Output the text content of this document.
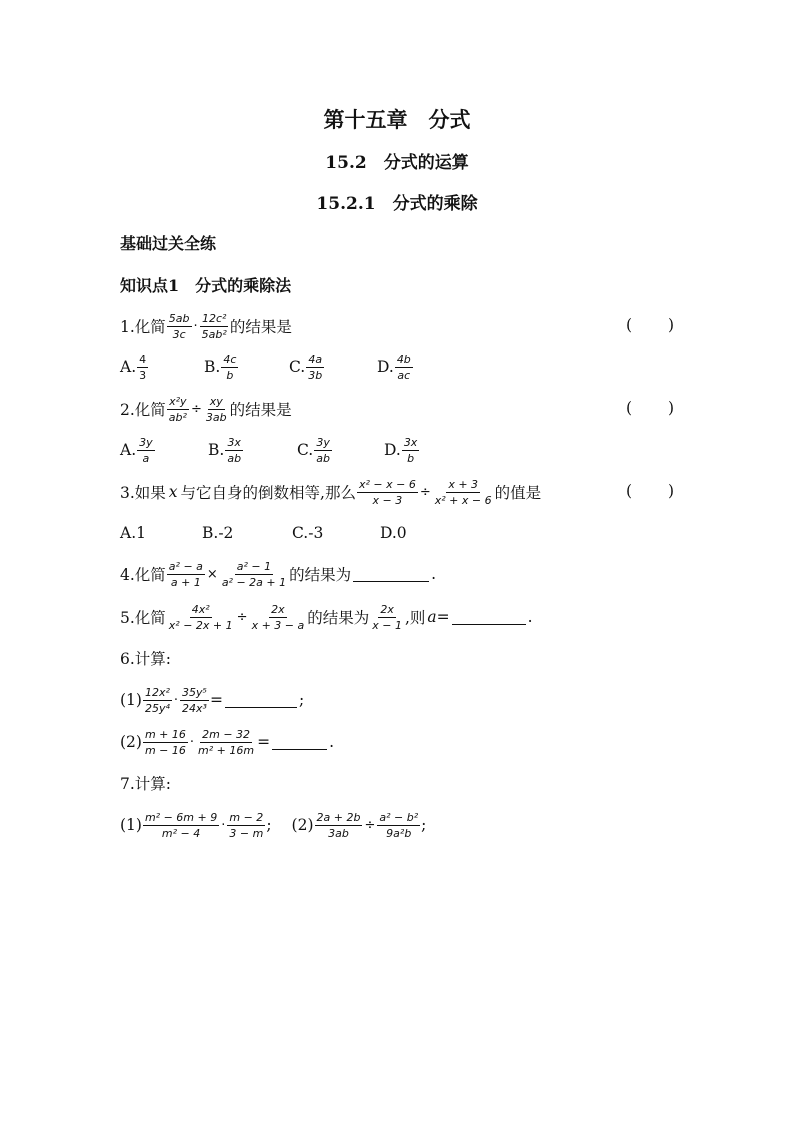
第十五章　分式
15.2　分式的运算
15.2.1　分式的乘除
基础过关全练
知识点1　分式的乘除法
1.化简 $\frac{5ab}{3c} \cdot \frac{\text{12c²}}{\text{5ab²}}$ 的结果是	( )
A. $\frac{4}{3}$	B. $\frac{4c}{b}$	C. $\frac{4a}{3b}$	D. $\frac{4b}{ac}$
2.化简 $\frac{\text{x²y}}{\text{ab²}} \div \frac{xy}{3ab}$ 的结果是	( )
A. $\frac{3y}{a}$	B. $\frac{3x}{ab}$	C. $\frac{3y}{ab}$	D. $\frac{3x}{b}$
3.如果 x 与它自身的倒数相等,那么 $\frac{\text{x² − x − 6}}{x - 3} \div \frac{x + 3}{\text{x² + x − 6}}$ 的值是	( )
A.1	B.-2	C.-3	D.0
4.化简 $\frac{\text{a² − a}}{a + 1} \times \frac{\text{a² − 1}}{\text{a² − 2a + 1}}$ 的结果为	.
5.化简 $\frac{\text{4x²}}{\text{x² − 2x + 1}} \div \frac{2x}{x + 3 - a}$ 的结果为 $\frac{2x}{x - 1}$ ,则 a =	.
6.计算:
$(1) \frac{\text{12x²}}{\text{25y⁴}} \cdot \frac{\text{35y⁵}}{\text{24x³}}$ =	;
$(2) \frac{m + 16}{m - 16} \cdot \frac{2m - 32}{\text{m² + 16m}}$ =	.
7.计算:
$(1) \frac{\text{m² − 6m + 9}}{\text{m² − 4}} \cdot \frac{m - 2}{3 - m}$ ; $(2) \frac{2a + 2b}{3ab} \div \frac{\text{a² − b²}}{\text{9a²b}}$ ;
